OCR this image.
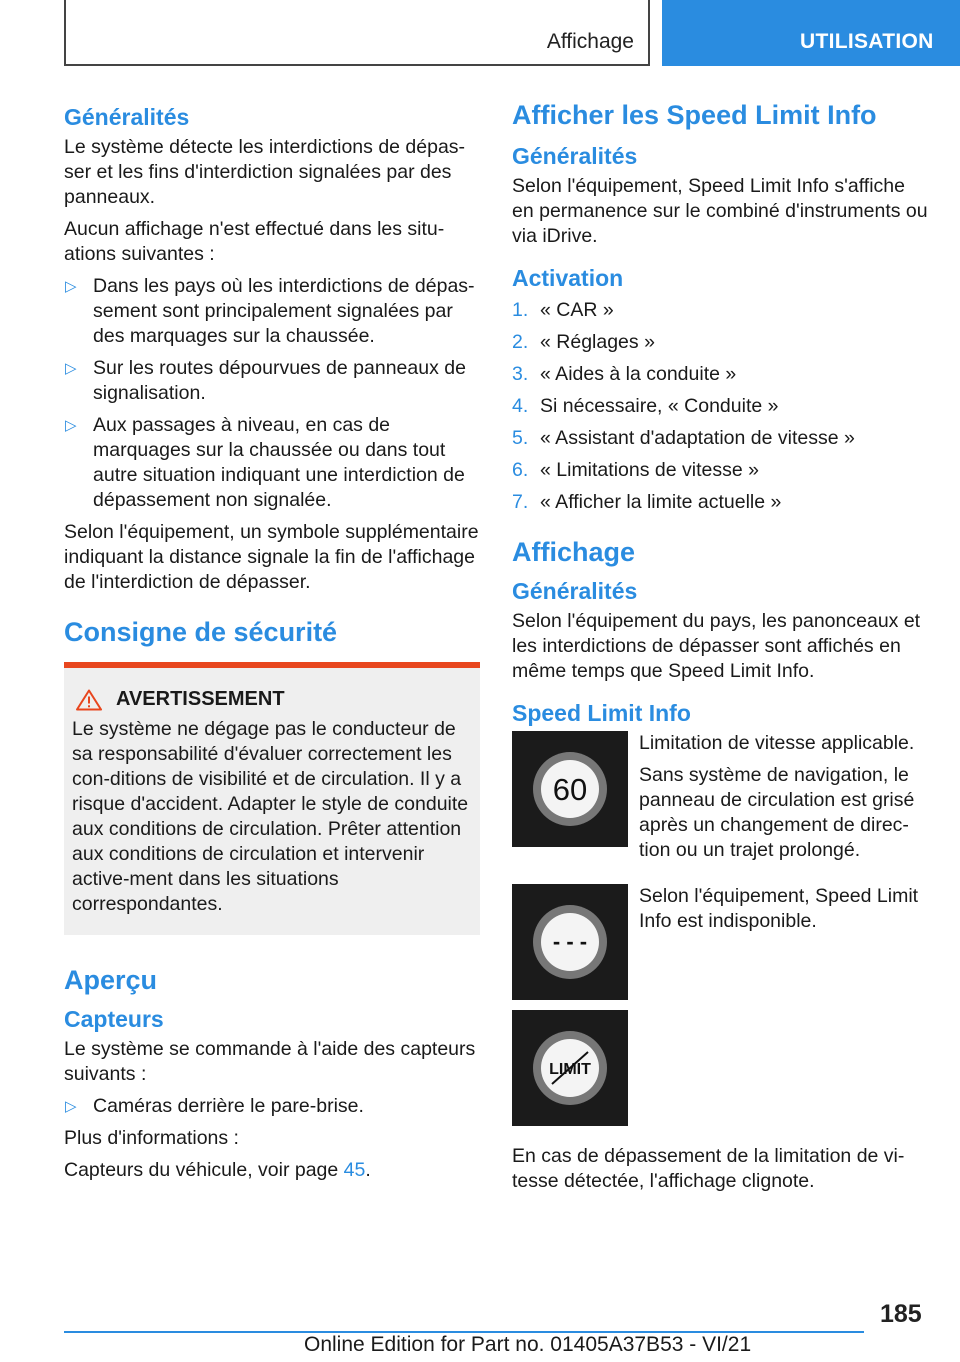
Affichage	UTILISATION
Généralités

Le système détecte les interdictions de dépas-ser et les fins d'interdiction signalées par des panneaux.

Aucun affichage n'est effectué dans les situ-ations suivantes :

▷ Dans les pays où les interdictions de dépas-sement sont principalement signalées par des marquages sur la chaussée.
▷ Sur les routes dépourvues de panneaux de signalisation.
▷ Aux passages à niveau, en cas de marquages sur la chaussée ou dans tout autre situation indiquant une interdiction de dépassement non signalée.

Selon l'équipement, un symbole supplémentaire indiquant la distance signale la fin de l'affichage de l'interdiction de dépasser.

Consigne de sécurité
AVERTISSEMENT

Le système ne dégage pas le conducteur de sa responsabilité d'évaluer correctement les con-ditions de visibilité et de circulation. Il y a risque d'accident. Adapter le style de conduite aux conditions de circulation. Prêter attention aux conditions de circulation et intervenir active-ment dans les situations correspondantes.

Aperçu
Capteurs

Le système se commande à l'aide des capteurs suivants :

▷ Caméras derrière le pare-brise.

Plus d'informations :

Capteurs du véhicule, voir page 45.

Afficher les Speed Limit Info
Généralités

Selon l'équipement, Speed Limit Info s'affiche en permanence sur le combiné d'instruments ou via iDrive.

Activation
1. « CAR »
2. « Réglages »
3. « Aides à la conduite »
4. Si nécessaire, « Conduite »
5. « Assistant d'adaptation de vitesse »
6. « Limitations de vitesse »
7. « Afficher la limite actuelle »
Affichage
Généralités

Selon l'équipement du pays, les panonceaux et les interdictions de dépasser sont affichés en même temps que Speed Limit Info.

Speed Limit Info
60

Limitation de vitesse applicable.

Sans système de navigation, le panneau de circulation est grisé après un changement de direc-tion ou un trajet prolongé.

- - -

Selon l'équipement, Speed Limit Info est indisponible.

LIMIT

En cas de dépassement de la limitation de vi-tesse détectée, l'affichage clignote.

185
Online Edition for Part no. 01405A37B53 - VI/21
